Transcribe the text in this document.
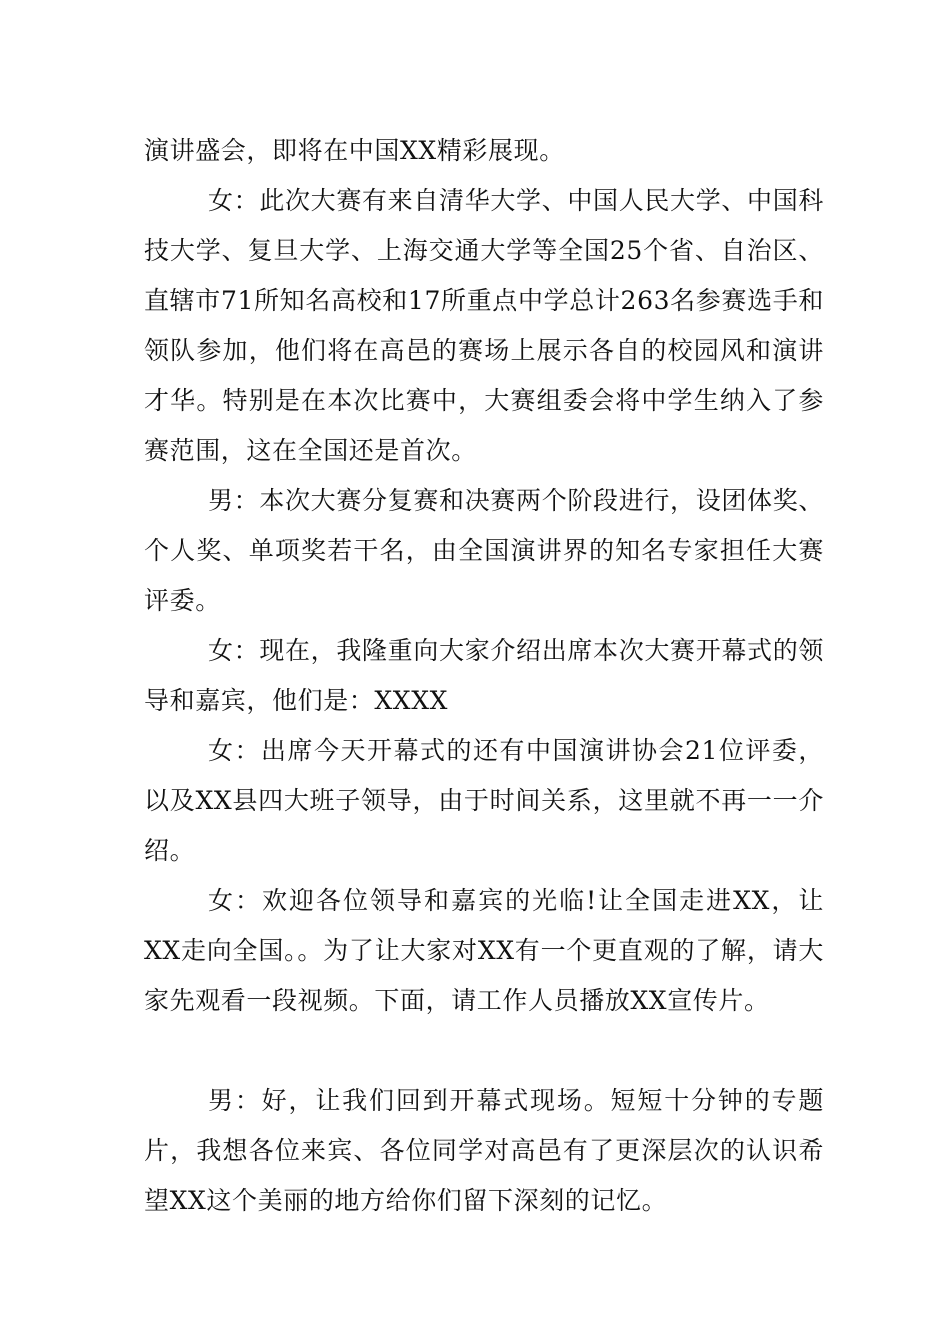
演讲盛会，即将在中国XX精彩展现。

女：此次大赛有来自清华大学、中国人民大学、中国科技大学、复旦大学、上海交通大学等全国25个省、自治区、直辖市71所知名高校和17所重点中学总计263名参赛选手和领队参加，他们将在高邑的赛场上展示各自的校园风和演讲才华。特别是在本次比赛中，大赛组委会将中学生纳入了参赛范围，这在全国还是首次。

男：本次大赛分复赛和决赛两个阶段进行，设团体奖、个人奖、单项奖若干名，由全国演讲界的知名专家担任大赛评委。

女：现在，我隆重向大家介绍出席本次大赛开幕式的领导和嘉宾，他们是：XXXX

女：出席今天开幕式的还有中国演讲协会21位评委，以及XX县四大班子领导，由于时间关系，这里就不再一一介绍。

女：欢迎各位领导和嘉宾的光临!让全国走进XX，让XX走向全国。。为了让大家对XX有一个更直观的了解，请大家先观看一段视频。下面，请工作人员播放XX宣传片。

男：好，让我们回到开幕式现场。短短十分钟的专题片，我想各位来宾、各位同学对高邑有了更深层次的认识希望XX这个美丽的地方给你们留下深刻的记忆。
